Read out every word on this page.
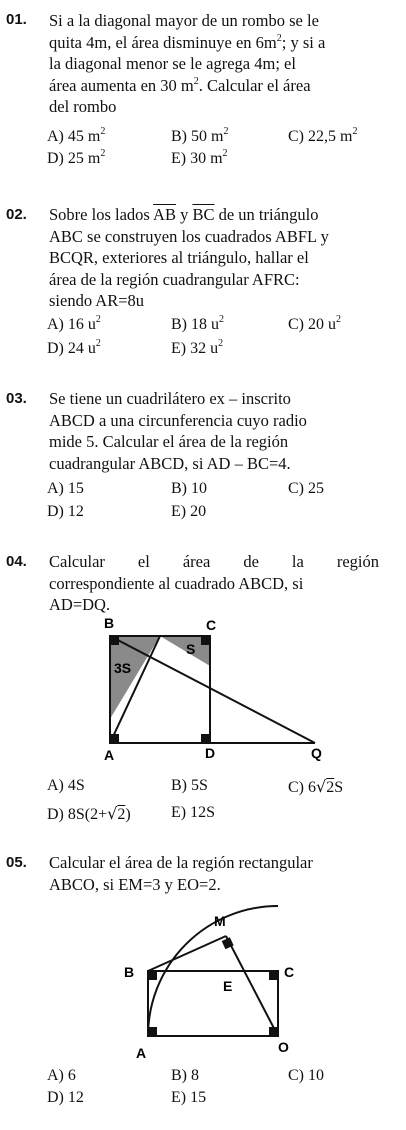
01. Si a la diagonal mayor de un rombo se le
quita 4m, el área disminuye en $6m^2$; y si a
la diagonal menor se le agrega 4m; el
área aumenta en 30 $m^2$. Calcular el área
del rombo
A) 45 $m^2$	B) 50 $m^2$	C) 22,5 $m^2$
D) 25 $m^2$	E) 30 $m^2$
02. Sobre los lados $\overline{AB}$ y $\overline{BC}$ de un triángulo
ABC se construyen los cuadrados ABFL y
BCQR, exteriores al triángulo, hallar el
área de la región cuadrangular AFRC:
siendo AR=8u
A) 16 $u^2$	B) 18 $u^2$	C) 20 $u^2$
D) 24 $u^2$	E) 32 $u^2$
03. Se tiene un cuadrilátero ex – inscrito
ABCD a una circunferencia cuyo radio
mide 5. Calcular el área de la región
cuadrangular ABCD, si AD – BC=4.
A) 15	B) 10	C) 25
D) 12	E) 20
04. Calcular el área de la región
correspondiente al cuadrado ABCD, si
AD=DQ.
B	C
A	D	Q
S
3S
A) 4S	B) 5S	C) 6√2S
D) 8S(2+√2)	E) 12S
05. Calcular el área de la región rectangular
ABCO, si EM=3 y EO=2.
M
B	C
E
A	O
A) 6	B) 8	C) 10
D) 12	E) 15
